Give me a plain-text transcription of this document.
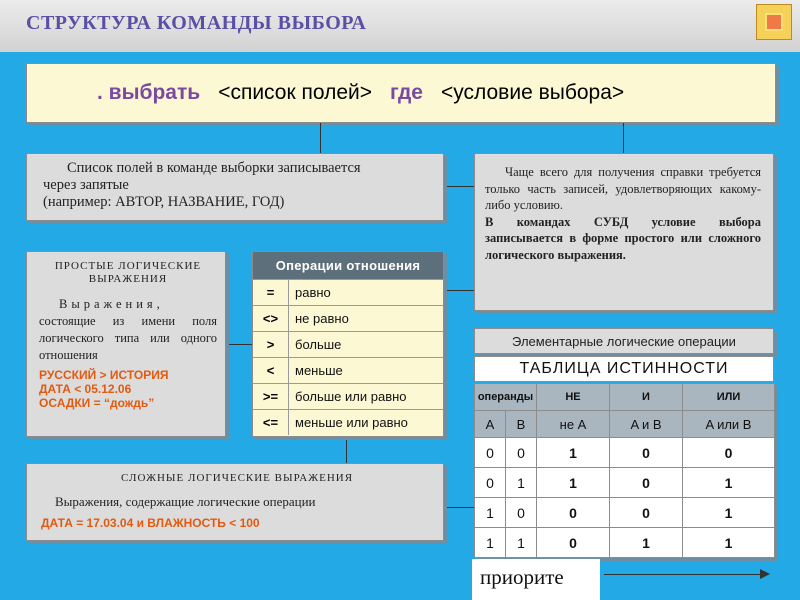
СТРУКТУРА КОМАНДЫ ВЫБОРА
. выбрать <список полей> где <условие выбора>
Список полей в команде выборки записывается
через запятые
(например: АВТОР, НАЗВАНИЕ, ГОД)
Чаще всего для получения справки требуется только часть записей, удовлетворяющих какому-либо условию.
В командах СУБД условие выбора записывается в форме простого или сложного логического выражения.
ПРОСТЫЕ ЛОГИЧЕСКИЕ ВЫРАЖЕНИЯ
Выражения, состоящие из имени поля логического типа или одного отношения
РУССКИЙ > ИСТОРИЯ
ДАТА < 05.12.06
ОСАДКИ = “дождь”
Операции отношения
=	равно
<>	не равно
>	больше
<	меньше
>=	больше или равно
<=	меньше или равно
СЛОЖНЫЕ ЛОГИЧЕСКИЕ ВЫРАЖЕНИЯ
Выражения, содержащие логические операции
ДАТА = 17.03.04 и ВЛАЖНОСТЬ < 100
Элементарные логические операции
ТАБЛИЦА ИСТИННОСТИ
операнды		НЕ	И	ИЛИ
A	B	не A	A и B	A или B
0	0	1	0	0
0	1	1	0	1
1	0	0	0	1
1	1	0	1	1
приорите
